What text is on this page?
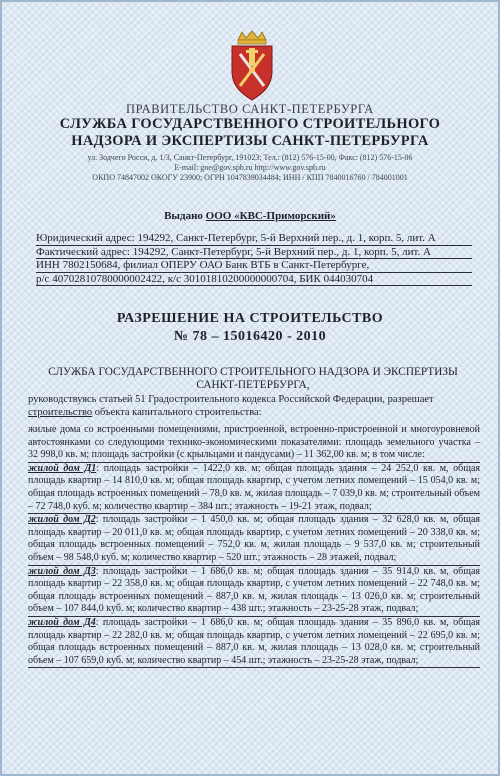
ПРАВИТЕЛЬСТВО САНКТ-ПЕТЕРБУРГА
СЛУЖБА ГОСУДАРСТВЕННОГО СТРОИТЕЛЬНОГО
НАДЗОРА И ЭКСПЕРТИЗЫ САНКТ-ПЕТЕРБУРГА
ул. Зодчего Росси, д. 1/3, Санкт-Петербург, 191023; Тел.: (812) 576-15-00, Факс: (812) 576-15-06
E-mail: gne@gov.spb.ru http://www.gov.spb.ru
ОКПО 74847002 ОКОГУ 23900; ОГРН 1047839034484; ИНН / КПП 7840016760 / 784001001
Выдано ООО «КВС-Приморский»
Юридический адрес: 194292, Санкт-Петербург, 5-й Верхний пер., д. 1, корп. 5, лит. А
Фактический адрес: 194292, Санкт-Петербург, 5-й Верхний пер., д. 1, корп. 5, лит. А
ИНН 7802150684, филиал ОПЕРУ ОАО Банк ВТБ в Санкт-Петербурге,
р/с 40702810780000002422, к/с 30101810200000000704, БИК 044030704
РАЗРЕШЕНИЕ НА СТРОИТЕЛЬСТВО
№ 78 – 15016420 - 2010
СЛУЖБА ГОСУДАРСТВЕННОГО СТРОИТЕЛЬНОГО НАДЗОРА И ЭКСПЕРТИЗЫ
САНКТ-ПЕТЕРБУРГА,
руководствуясь статьей 51 Градостроительного кодекса Российской Федерации, разрешает
строительство объекта капитального строительства:

жилые дома со встроенными помещениями, пристроенной, встроенно-пристроенной и многоуровневой автостоянками со следующими технико-экономическими показателями: площадь земельного участка – 32 998,0 кв. м; площадь застройки (с крыльцами и пандусами) – 11 362,00 кв. м; в том числе:

жилой дом Д1: площадь застройки – 1422,0 кв. м; общая площадь здания – 24 252,0 кв. м, общая площадь квартир – 14 810,0 кв. м; общая площадь квартир, с учетом летних помещений – 15 054,0 кв. м; общая площадь встроенных помещений – 78,0 кв. м, жилая площадь – 7 039,0 кв. м; строительный объем – 72 748,0 куб. м; количество квартир – 384 шт.; этажность – 19-21 этаж, подвал;

жилой дом Д2: площадь застройки – 1 450,0 кв. м; общая площадь здания – 32 628,0 кв. м, общая площадь квартир – 20 011,0 кв. м; общая площадь квартир, с учетом летних помещений – 20 338,0 кв. м; общая площадь встроенных помещений – 752,0 кв. м, жилая площадь – 9 537,0 кв. м; строительный объем – 98 548,0 куб. м; количество квартир – 520 шт.; этажность – 28 этажей, подвал;

жилой дом Д3: площадь застройки – 1 686,0 кв. м; общая площадь здания – 35 914,0 кв. м, общая площадь квартир – 22 358,0 кв. м; общая площадь квартир, с учетом летних помещений – 22 748,0 кв. м; общая площадь встроенных помещений – 887,0 кв. м, жилая площадь – 13 026,0 кв. м; строительный объем – 107 844,0 куб. м; количество квартир – 438 шт.; этажность – 23-25-28 этаж, подвал;

жилой дом Д4: площадь застройки – 1 686,0 кв. м; общая площадь здания – 35 896,0 кв. м, общая площадь квартир – 22 282,0 кв. м; общая площадь квартир, с учетом летних помещений – 22 695,0 кв. м; общая площадь встроенных помещений – 887,0 кв. м, жилая площадь – 13 028,0 кв. м; строительный объем – 107 659,0 куб. м; количество квартир – 454 шт.; этажность – 23-25-28 этаж, подвал;
